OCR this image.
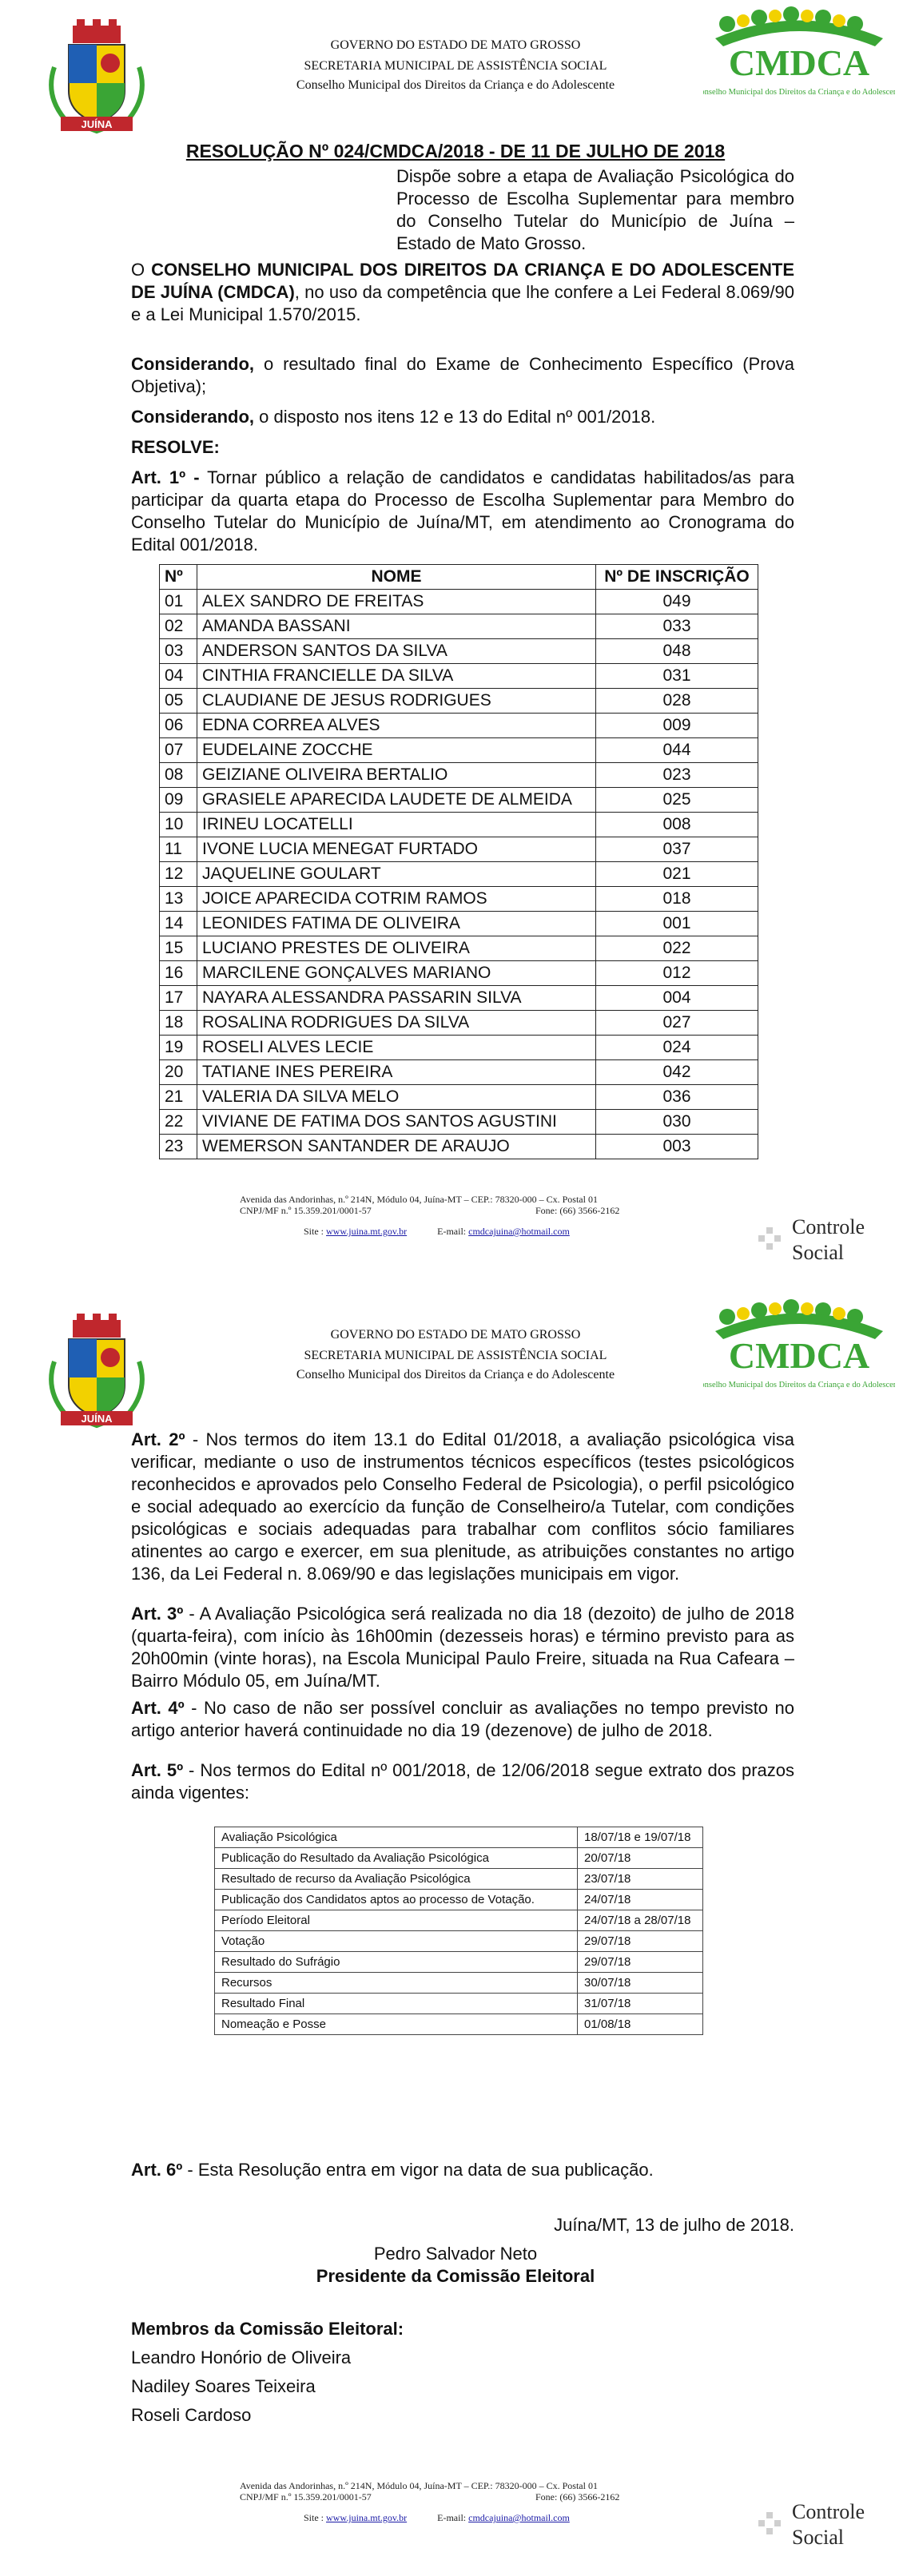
JUÍNA
GOVERNO DO ESTADO DE MATO GROSSO
SECRETARIA MUNICIPAL DE ASSISTÊNCIA SOCIAL
Conselho Municipal dos Direitos da Criança e do Adolescente
CMDCA
Conselho Municipal dos Direitos da Criança e do Adolescente
RESOLUÇÃO Nº 024/CMDCA/2018 - DE 11 DE JULHO DE 2018
Dispõe sobre a etapa de Avaliação Psicológica do Processo de Escolha Suplementar para membro do Conselho Tutelar do Município de Juína – Estado de Mato Grosso.
O CONSELHO MUNICIPAL DOS DIREITOS DA CRIANÇA E DO ADOLESCENTE DE JUÍNA (CMDCA), no uso da competência que lhe confere a Lei Federal 8.069/90 e a Lei Municipal 1.570/2015.
Considerando, o resultado final do Exame de Conhecimento Específico (Prova Objetiva);
Considerando, o disposto nos itens 12 e 13 do Edital nº 001/2018.
RESOLVE:
Art. 1º - Tornar público a relação de candidatos e candidatas habilitados/as para participar da quarta etapa do Processo de Escolha Suplementar para Membro do Conselho Tutelar do Município de Juína/MT, em atendimento ao Cronograma do Edital 001/2018.
Nº	NOME	Nº DE INSCRIÇÃO
01	ALEX SANDRO DE FREITAS	049
02	AMANDA BASSANI	033
03	ANDERSON SANTOS DA SILVA	048
04	CINTHIA FRANCIELLE DA SILVA	031
05	CLAUDIANE DE JESUS RODRIGUES	028
06	EDNA CORREA ALVES	009
07	EUDELAINE ZOCCHE	044
08	GEIZIANE OLIVEIRA BERTALIO	023
09	GRASIELE APARECIDA LAUDETE DE ALMEIDA	025
10	IRINEU LOCATELLI	008
11	IVONE LUCIA MENEGAT FURTADO	037
12	JAQUELINE GOULART	021
13	JOICE APARECIDA COTRIM RAMOS	018
14	LEONIDES FATIMA DE OLIVEIRA	001
15	LUCIANO PRESTES DE OLIVEIRA	022
16	MARCILENE GONÇALVES MARIANO	012
17	NAYARA ALESSANDRA PASSARIN SILVA	004
18	ROSALINA RODRIGUES DA SILVA	027
19	ROSELI ALVES LECIE	024
20	TATIANE INES PEREIRA	042
21	VALERIA DA SILVA MELO	036
22	VIVIANE DE FATIMA DOS SANTOS AGUSTINI	030
23	WEMERSON SANTANDER DE ARAUJO	003
Avenida das Andorinhas, n.º 214N, Módulo 04, Juína-MT – CEP.: 78320-000 – Cx. Postal 01
CNPJ/MF n.º 15.359.201/0001-57	Fone: (66) 3566-2162
Site : www.juina.mt.gov.br	E-mail: cmdcajuina@hotmail.com	Controle
Social
JUÍNA
GOVERNO DO ESTADO DE MATO GROSSO
SECRETARIA MUNICIPAL DE ASSISTÊNCIA SOCIAL
Conselho Municipal dos Direitos da Criança e do Adolescente	CMDCA
Conselho Municipal dos Direitos da Criança e do Adolescente
Art. 2º - Nos termos do item 13.1 do Edital 01/2018, a avaliação psicológica visa verificar, mediante o uso de instrumentos técnicos específicos (testes psicológicos reconhecidos e aprovados pelo Conselho Federal de Psicologia), o perfil psicológico e social adequado ao exercício da função de Conselheiro/a Tutelar, com condições psicológicas e sociais adequadas para trabalhar com conflitos sócio familiares atinentes ao cargo e exercer, em sua plenitude, as atribuições constantes no artigo 136, da Lei Federal n. 8.069/90 e das legislações municipais em vigor.
Art. 3º - A Avaliação Psicológica será realizada no dia 18 (dezoito) de julho de 2018 (quarta-feira), com início às 16h00min (dezesseis horas) e término previsto para as 20h00min (vinte horas), na Escola Municipal Paulo Freire, situada na Rua Cafeara – Bairro Módulo 05, em Juína/MT.
Art. 4º - No caso de não ser possível concluir as avaliações no tempo previsto no artigo anterior haverá continuidade no dia 19 (dezenove) de julho de 2018.
Art. 5º - Nos termos do Edital nº 001/2018, de 12/06/2018 segue extrato dos prazos ainda vigentes:
Art. 6º - Esta Resolução entra em vigor na data de sua publicação.
Juína/MT, 13 de julho de 2018.
Pedro Salvador Neto
Presidente da Comissão Eleitoral
Membros da Comissão Eleitoral:
Leandro Honório de Oliveira
Nadiley Soares Teixeira
Roseli Cardoso
Avenida das Andorinhas, n.º 214N, Módulo 04, Juína-MT – CEP.: 78320-000 – Cx. Postal 01
CNPJ/MF n.º 15.359.201/0001-57	Fone: (66) 3566-2162
Site : www.juina.mt.gov.br	E-mail: cmdcajuina@hotmail.com	Controle
Social
Avaliação Psicológica	18/07/18 e 19/07/18
Publicação do Resultado da Avaliação Psicológica	20/07/18
Resultado de recurso da Avaliação Psicológica	23/07/18
Publicação dos Candidatos aptos ao processo de Votação.	24/07/18
Período Eleitoral	24/07/18 a 28/07/18
Votação	29/07/18
Resultado do Sufrágio	29/07/18
Recursos	30/07/18
Resultado Final	31/07/18
Nomeação e Posse	01/08/18
